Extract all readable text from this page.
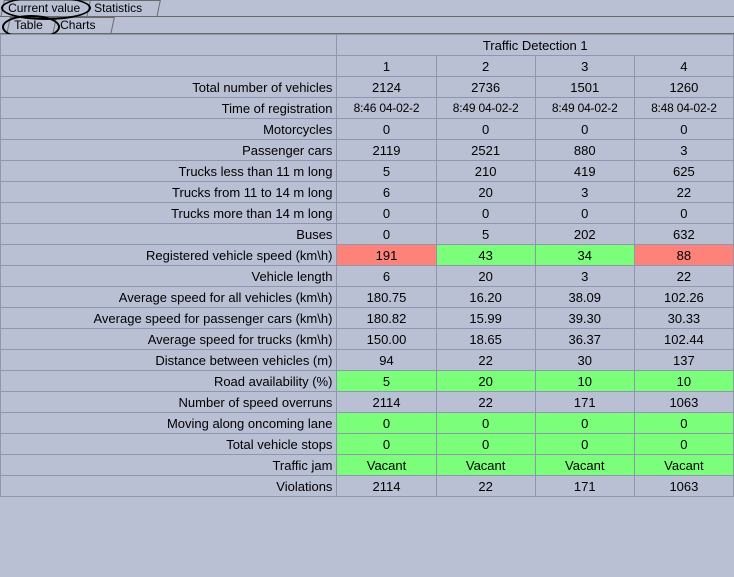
Current value	Statistics
Table	Charts
	Traffic Detection 1			
	1	2	3	4
Total number of vehicles	2124	2736	1501	1260
Time of registration	8:46 04-02-2	8:49 04-02-2	8:49 04-02-2	8:48 04-02-2
Motorcycles	0	0	0	0
Passenger cars	2119	2521	880	3
Trucks less than 11 m long	5	210	419	625
Trucks from 11 to 14 m long	6	20	3	22
Trucks more than 14 m long	0	0	0	0
Buses	0	5	202	632
Registered vehicle speed (km\h)	191	43	34	88
Vehicle length	6	20	3	22
Average speed for all vehicles (km\h)	180.75	16.20	38.09	102.26
Average speed for passenger cars (km\h)	180.82	15.99	39.30	30.33
Average speed for trucks (km\h)	150.00	18.65	36.37	102.44
Distance between vehicles (m)	94	22	30	137
Road availability (%)	5	20	10	10
Number of speed overruns	2114	22	171	1063
Moving along oncoming lane	0	0	0	0
Total vehicle stops	0	0	0	0
Traffic jam	Vacant	Vacant	Vacant	Vacant
Violations	2114	22	171	1063
